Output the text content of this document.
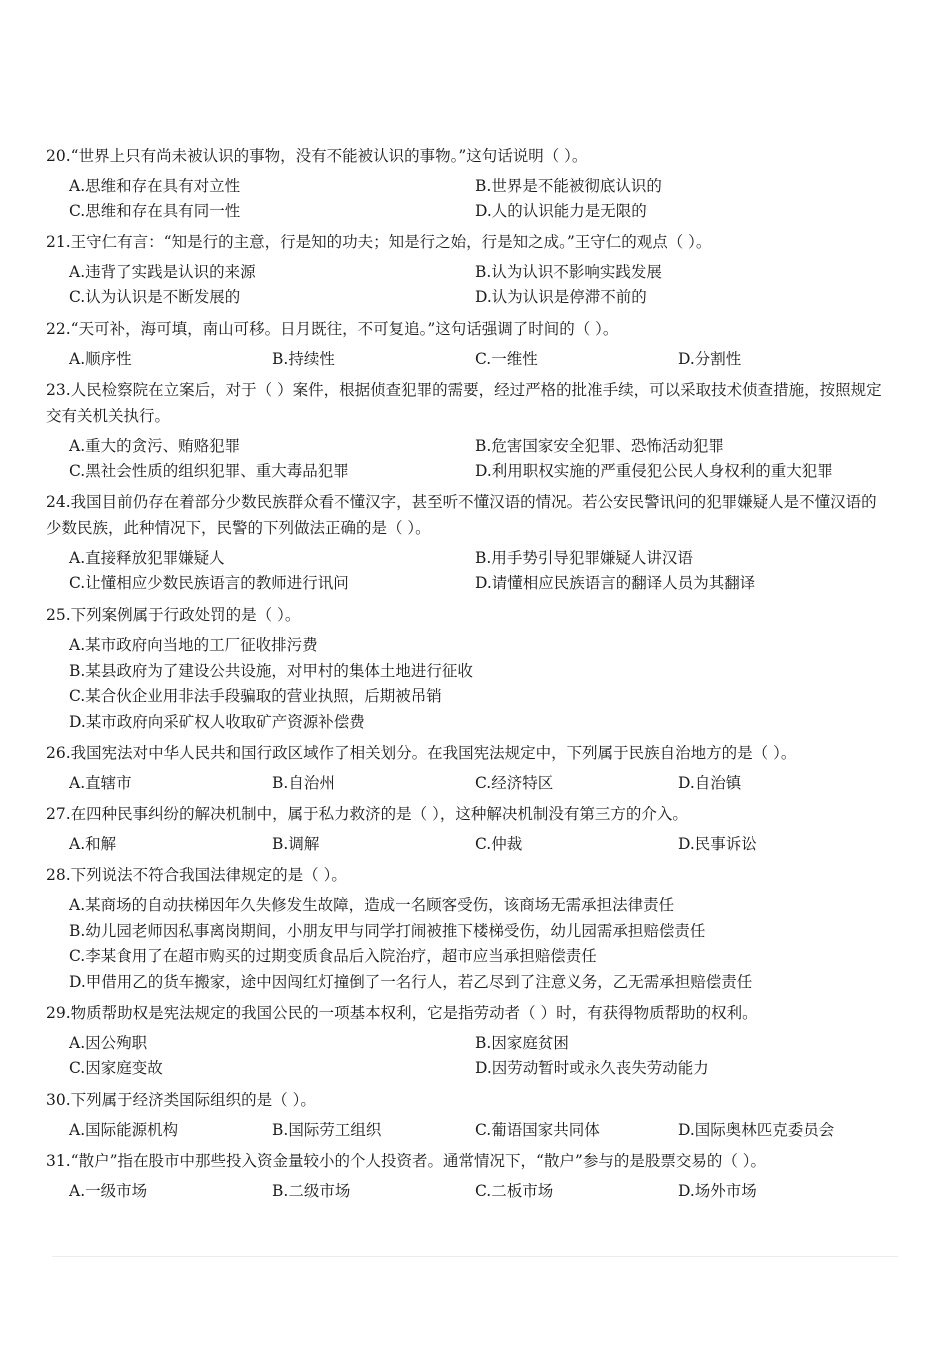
20.“世界上只有尚未被认识的事物，没有不能被认识的事物。”这句话说明（ ）。
A.思维和存在具有对立性	B.世界是不能被彻底认识的
C.思维和存在具有同一性	D.人的认识能力是无限的
21.王守仁有言：“知是行的主意，行是知的功夫；知是行之始，行是知之成。”王守仁的观点（ ）。
A.违背了实践是认识的来源	B.认为认识不影响实践发展
C.认为认识是不断发展的	D.认为认识是停滞不前的
22.“天可补，海可填，南山可移。日月既往，不可复追。”这句话强调了时间的（ ）。
A.顺序性	B.持续性	C.一维性	D.分割性
23.人民检察院在立案后，对于（ ）案件，根据侦查犯罪的需要，经过严格的批准手续，可以采取技术侦查措施，按照规定交有关机关执行。
A.重大的贪污、贿赂犯罪	B.危害国家安全犯罪、恐怖活动犯罪
C.黑社会性质的组织犯罪、重大毒品犯罪	D.利用职权实施的严重侵犯公民人身权利的重大犯罪
24.我国目前仍存在着部分少数民族群众看不懂汉字，甚至听不懂汉语的情况。若公安民警讯问的犯罪嫌疑人是不懂汉语的少数民族，此种情况下，民警的下列做法正确的是（ ）。
A.直接释放犯罪嫌疑人	B.用手势引导犯罪嫌疑人讲汉语
C.让懂相应少数民族语言的教师进行讯问	D.请懂相应民族语言的翻译人员为其翻译
25.下列案例属于行政处罚的是（ ）。
A.某市政府向当地的工厂征收排污费
B.某县政府为了建设公共设施，对甲村的集体土地进行征收
C.某合伙企业用非法手段骗取的营业执照，后期被吊销
D.某市政府向采矿权人收取矿产资源补偿费
26.我国宪法对中华人民共和国行政区域作了相关划分。在我国宪法规定中，下列属于民族自治地方的是（ ）。
A.直辖市	B.自治州	C.经济特区	D.自治镇
27.在四种民事纠纷的解决机制中，属于私力救济的是（ ），这种解决机制没有第三方的介入。
A.和解	B.调解	C.仲裁	D.民事诉讼
28.下列说法不符合我国法律规定的是（ ）。
A.某商场的自动扶梯因年久失修发生故障，造成一名顾客受伤，该商场无需承担法律责任
B.幼儿园老师因私事离岗期间，小朋友甲与同学打闹被推下楼梯受伤，幼儿园需承担赔偿责任
C.李某食用了在超市购买的过期变质食品后入院治疗，超市应当承担赔偿责任
D.甲借用乙的货车搬家，途中因闯红灯撞倒了一名行人，若乙尽到了注意义务，乙无需承担赔偿责任
29.物质帮助权是宪法规定的我国公民的一项基本权利，它是指劳动者（ ）时，有获得物质帮助的权利。
A.因公殉职	B.因家庭贫困
C.因家庭变故	D.因劳动暂时或永久丧失劳动能力
30.下列属于经济类国际组织的是（ ）。
A.国际能源机构	B.国际劳工组织	C.葡语国家共同体	D.国际奥林匹克委员会
31.“散户”指在股市中那些投入资金量较小的个人投资者。通常情况下，“散户”参与的是股票交易的（ ）。
A.一级市场	B.二级市场	C.二板市场	D.场外市场
